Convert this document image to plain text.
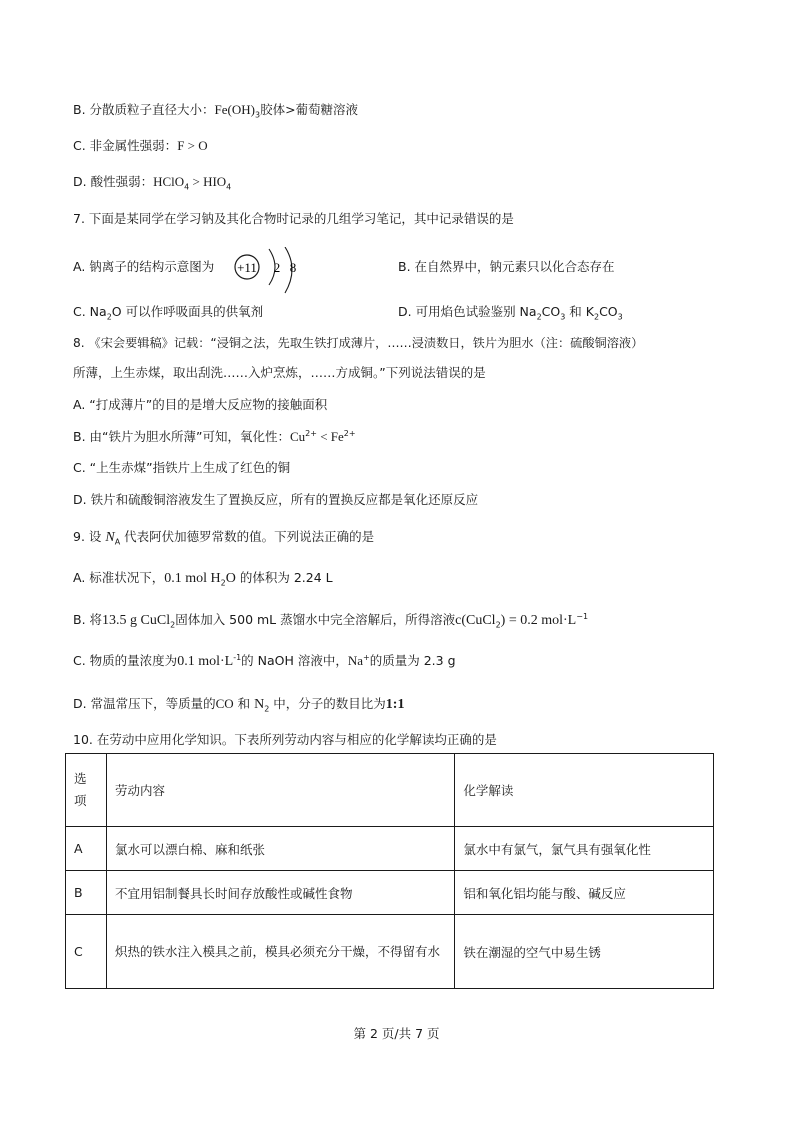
B. 分散质粒子直径大小：$Fe(OH)_3$胶体>葡萄糖溶液
C. 非金属性强弱：F > O
D. 酸性强弱：HClO$_4$ > $HIO_4$
7. 下面是某同学在学习钠及其化合物时记录的几组学习笔记，其中记录错误的是
A. 钠离子的结构示意图为 +11 2 8	B. 在自然界中，钠元素只以化合态存在
C. $Na_2O$ 可以作呼吸面具的供氧剂	D. 可用焰色试验鉴别 $Na_2CO_3$ 和 $K_2CO_3$
8. 《宋会要辑稿》记载：“浸铜之法，先取生铁打成薄片，……浸渍数日，铁片为胆水（注：硫酸铜溶液）
所薄，上生赤煤，取出刮洗……入炉烹炼，……方成铜。”下列说法错误的是
A. “打成薄片”的目的是增大反应物的接触面积
B. 由“铁片为胆水所薄”可知，氧化性：$Cu^{2+} < Fe^{2+}$
C. “上生赤煤”指铁片上生成了红色的铜
D. 铁片和硫酸铜溶液发生了置换反应，所有的置换反应都是氧化还原反应
9. 设 $N_A$ 代表阿伏加德罗常数的值。下列说法正确的是
A. 标准状况下，0.1 mol $H_2O$ 的体积为 2.24 L
B. 将13.5 g CuCl$_2$固体加入 500 mL 蒸馏水中完全溶解后，所得溶液c(CuCl$_2$) = 0.2 $mol\cdot L^{-1}$
C. 物质的量浓度为0.1 $mol\cdot L^{-1}$的 NaOH 溶液中，Na+的质量为 2.3 g
D. 常温常压下，等质量的CO 和 $N_2$ 中，分子的数目比为1:1
10. 在劳动中应用化学知识。下表所列劳动内容与相应的化学解读均正确的是
选项	劳动内容	化学解读
A	氯水可以漂白棉、麻和纸张	氯水中有氯气，氯气具有强氧化性
B	不宜用铝制餐具长时间存放酸性或碱性食物	铝和氧化铝均能与酸、碱反应
C	炽热的铁水注入模具之前，模具必须充分干燥，不得留有水	铁在潮湿的空气中易生锈
第 2 页/共 7 页
